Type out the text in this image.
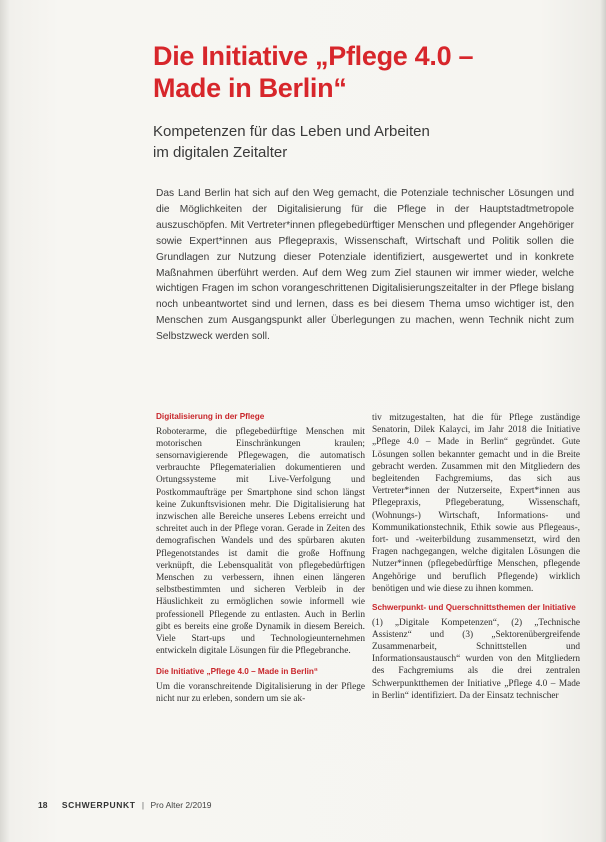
Die Initiative „Pflege 4.0 –
Made in Berlin“
Kompetenzen für das Leben und Arbeiten
im digitalen Zeitalter
Das Land Berlin hat sich auf den Weg gemacht, die Potenziale technischer Lösungen und die Möglichkeiten der Digitalisierung für die Pflege in der Hauptstadtmetropole auszuschöpfen. Mit Vertreter*innen pflegebedürftiger Menschen und pflegender Angehöriger sowie Expert*innen aus Pflegepraxis, Wissenschaft, Wirtschaft und Politik sollen die Grundlagen zur Nutzung dieser Potenziale identifiziert, ausgewertet und in konkrete Maßnahmen überführt werden. Auf dem Weg zum Ziel staunen wir immer wieder, welche wichtigen Fragen im schon vorangeschrittenen Digitalisierungszeitalter in der Pflege bislang noch unbeantwortet sind und lernen, dass es bei diesem Thema umso wichtiger ist, den Menschen zum Ausgangspunkt aller Überlegungen zu machen, wenn Technik nicht zum Selbstzweck werden soll.
Digitalisierung in der Pflege

Roboterarme, die pflegebedürftige Menschen mit motorischen Einschränkungen kraulen; sensornavigierende Pflegewagen, die automatisch verbrauchte Pflegematerialien dokumentieren und Ortungssysteme mit Live-Verfolgung und Postkommaufträge per Smartphone sind schon längst keine Zukunftsvisionen mehr. Die Digitalisierung hat inzwischen alle Bereiche unseres Lebens erreicht und schreitet auch in der Pflege voran. Gerade in Zeiten des demografischen Wandels und des spürbaren akuten Pflegenotstandes ist damit die große Hoffnung verknüpft, die Lebensqualität von pflegebedürftigen Menschen zu verbessern, ihnen einen längeren selbstbestimmten und sicheren Verbleib in der Häuslichkeit zu ermöglichen sowie informell wie professionell Pflegende zu entlasten. Auch in Berlin gibt es bereits eine große Dynamik in diesem Bereich. Viele Start-ups und Technologieunternehmen entwickeln digitale Lösungen für die Pflegebranche.

Die Initiative „Pflege 4.0 – Made in Berlin“

Um die voranschreitende Digitalisierung in der Pflege nicht nur zu erleben, sondern um sie ak-

tiv mitzugestalten, hat die für Pflege zuständige Senatorin, Dilek Kalayci, im Jahr 2018 die Initiative „Pflege 4.0 – Made in Berlin“ gegründet. Gute Lösungen sollen bekannter gemacht und in die Breite gebracht werden. Zusammen mit den Mitgliedern des begleitenden Fachgremiums, das sich aus Vertreter*innen der Nutzerseite, Expert*innen aus Pflegepraxis, Pflegeberatung, Wissenschaft, (Wohnungs-) Wirtschaft, Informations- und Kommunikationstechnik, Ethik sowie aus Pflegeaus-, fort- und -weiterbildung zusammensetzt, wird den Fragen nachgegangen, welche digitalen Lösungen die Nutzer*innen (pflegebedürftige Menschen, pflegende Angehörige und beruflich Pflegende) wirklich benötigen und wie diese zu ihnen kommen.

Schwerpunkt- und Querschnittsthemen der Initiative

(1) „Digitale Kompetenzen“, (2) „Technische Assistenz“ und (3) „Sektorenübergreifende Zusammenarbeit, Schnittstellen und Informationsaustausch“ wurden von den Mitgliedern des Fachgremiums als die drei zentralen Schwerpunktthemen der Initiative „Pflege 4.0 – Made in Berlin“ identifiziert. Da der Einsatz technischer

18 SCHWERPUNKT | Pro Alter 2/2019
